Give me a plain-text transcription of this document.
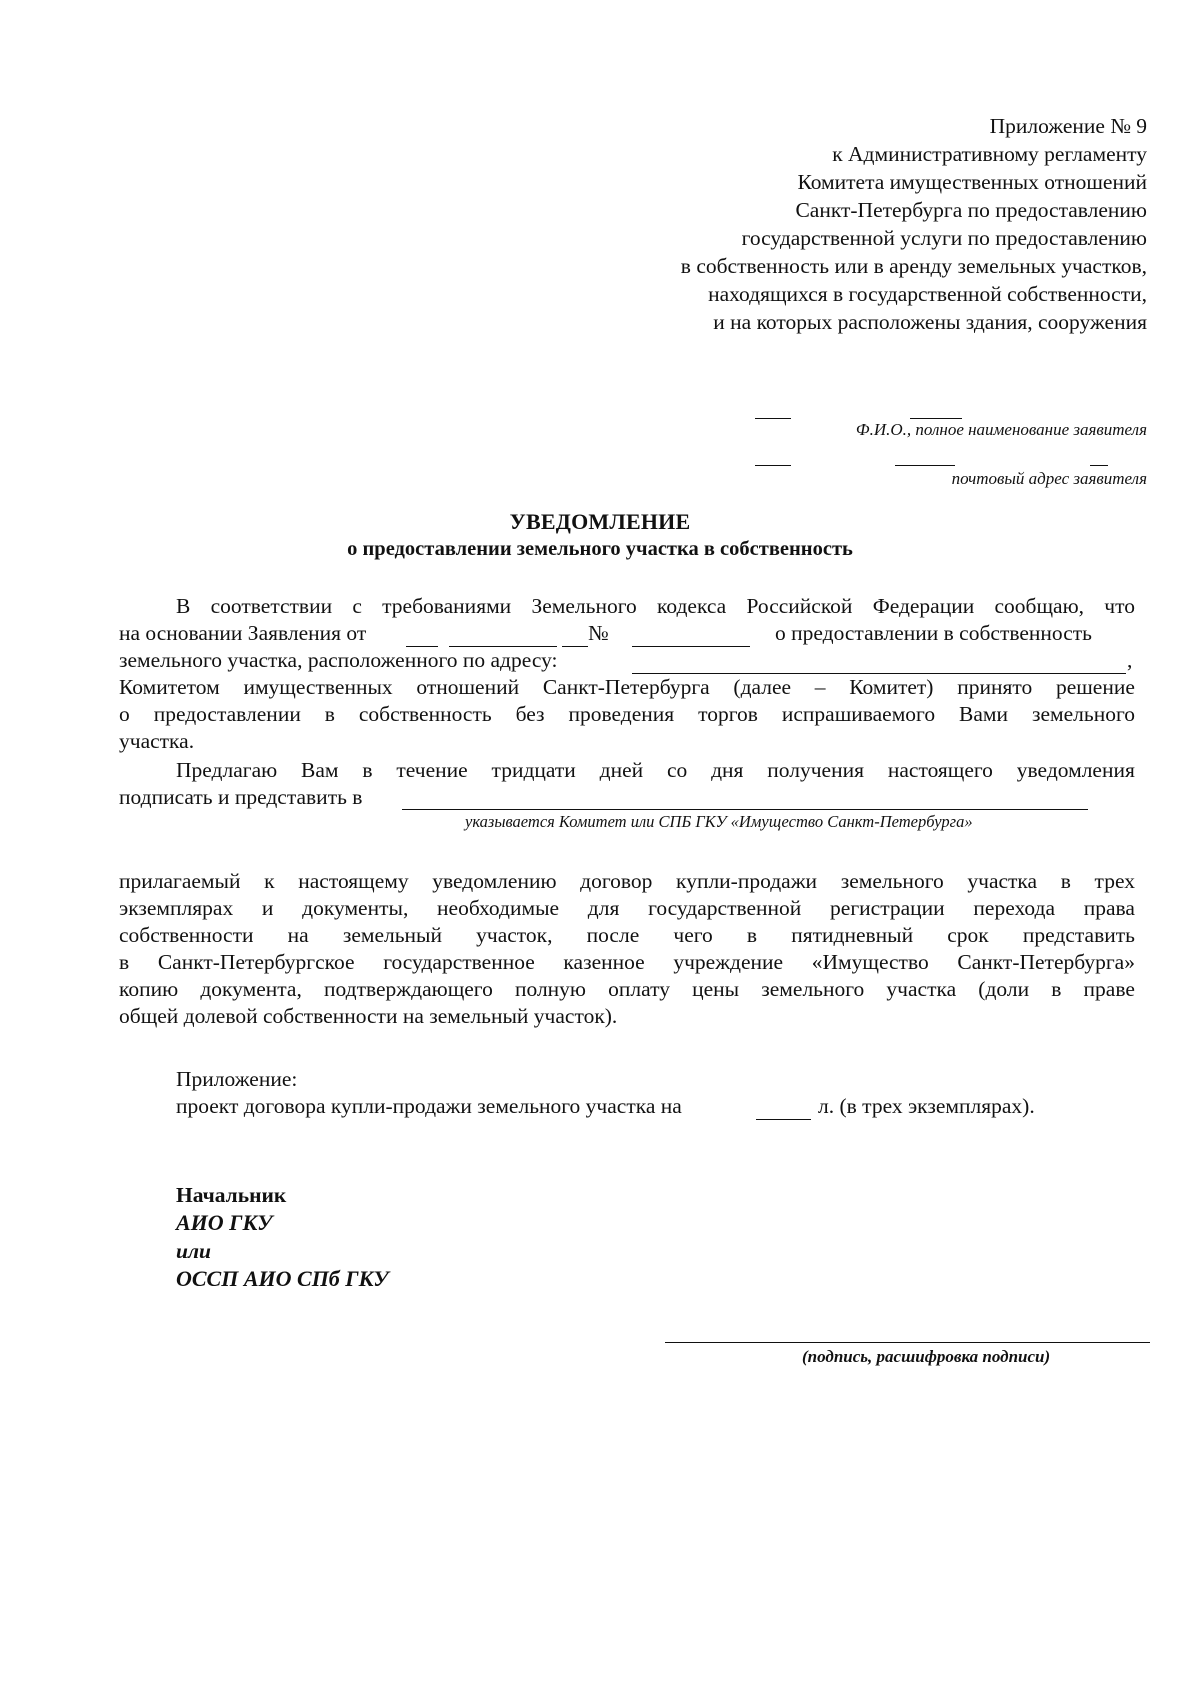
Приложение № 9
к Административному регламенту
Комитета имущественных отношений
Санкт-Петербурга по предоставлению
государственной услуги по предоставлению
в собственность или в аренду земельных участков,
находящихся в государственной собственности,
и на которых расположены здания, сооружения
Ф.И.О., полное наименование заявителя
почтовый адрес заявителя
УВЕДОМЛЕНИЕ
о предоставлении земельного участка в собственность
В соответствии с требованиями Земельного кодекса Российской Федерации сообщаю, что
на основании Заявления от	№	о предоставлении в собственность
земельного участка, расположенного по адресу:	,
Комитетом имущественных отношений Санкт-Петербурга (далее – Комитет) принято решение
о предоставлении в собственность без проведения торгов испрашиваемого Вами земельного
участка.
Предлагаю Вам в течение тридцати дней со дня получения настоящего уведомления
подписать и представить в
указывается Комитет или СПБ ГКУ «Имущество Санкт-Петербурга»
прилагаемый к настоящему уведомлению договор купли-продажи земельного участка в трех
экземплярах и документы, необходимые для государственной регистрации перехода права
собственности на земельный участок, после чего в пятидневный срок представить
в Санкт-Петербургское государственное казенное учреждение «Имущество Санкт-Петербурга»
копию документа, подтверждающего полную оплату цены земельного участка (доли в праве
общей долевой собственности на земельный участок).
Приложение:
проект договора купли-продажи земельного участка на	л. (в трех экземплярах).
Начальник
АИО ГКУ
или
ОССП АИО СПб ГКУ
(подпись, расшифровка подписи)
